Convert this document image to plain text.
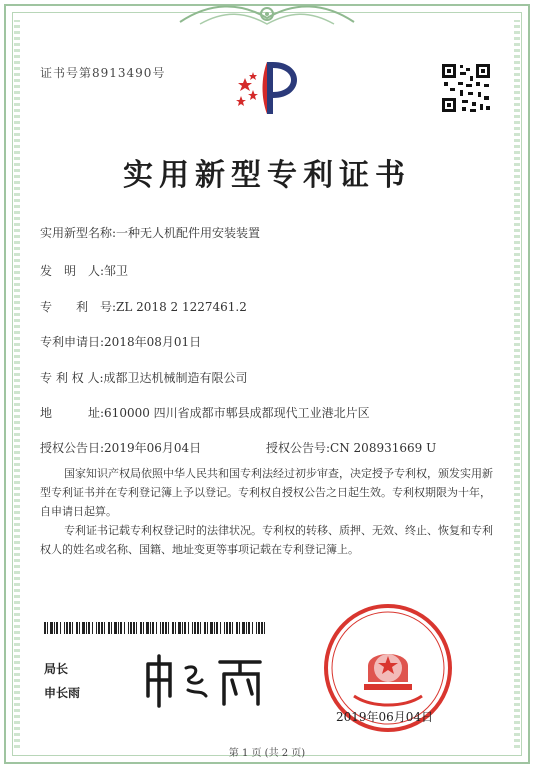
证书号第8913490号
实用新型专利证书
实用新型名称:一种无人机配件用安装装置
发　明　人:邹卫
专　　利　号:ZL 2018 2 1227461.2
专利申请日:2018年08月01日
专 利 权 人:成都卫达机械制造有限公司
地　　　址:610000 四川省成都市郫县成都现代工业港北片区
授权公告日:2019年06月04日	授权公告号:CN 208931669 U
国家知识产权局依照中华人民共和国专利法经过初步审查，决定授予专利权，颁发实用新型专利证书并在专利登记簿上予以登记。专利权自授权公告之日起生效。专利权期限为十年，自申请日起算。
专利证书记载专利权登记时的法律状况。专利权的转移、质押、无效、终止、恢复和专利权人的姓名或名称、国籍、地址变更等事项记载在专利登记簿上。
局长
申长雨
2019年06月04日
第 1 页 (共 2 页)
